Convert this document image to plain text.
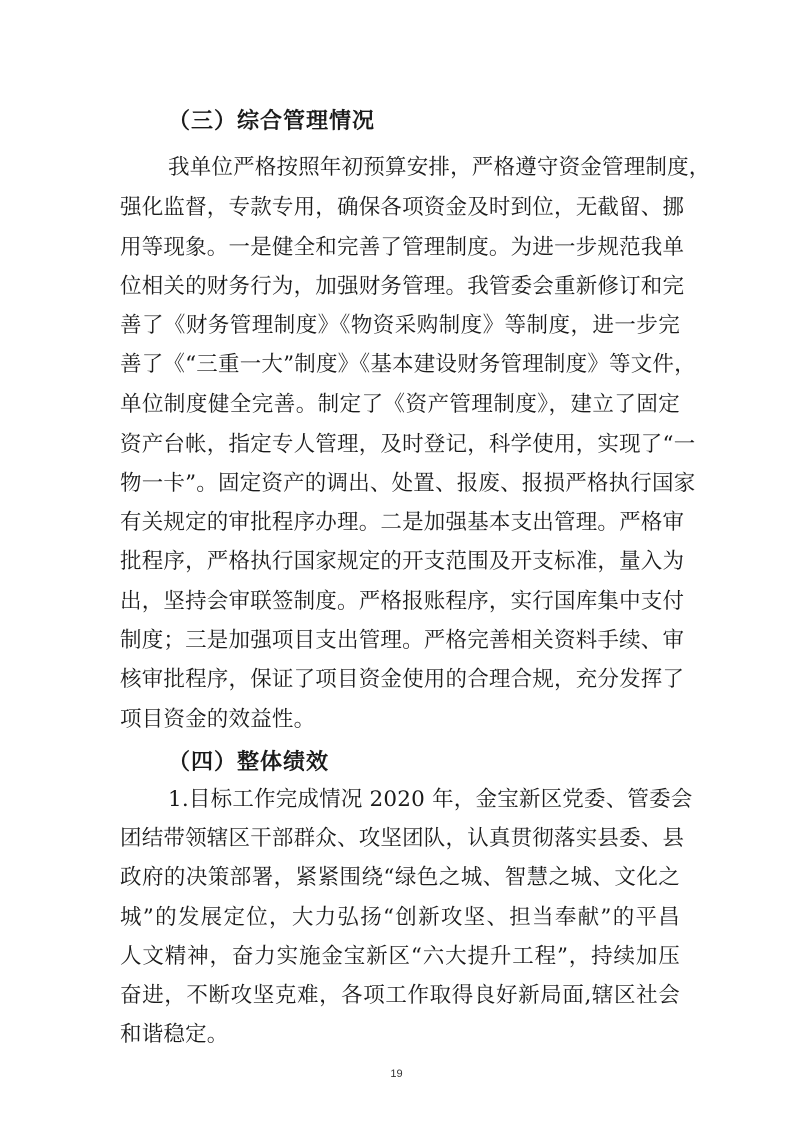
（三）综合管理情况
我单位严格按照年初预算安排，严格遵守资金管理制度，
强化监督，专款专用，确保各项资金及时到位，无截留、挪
用等现象。一是健全和完善了管理制度。为进一步规范我单
位相关的财务行为，加强财务管理。我管委会重新修订和完
善了《财务管理制度》《物资采购制度》等制度，进一步完
善了《“三重一大”制度》《基本建设财务管理制度》等文件，
单位制度健全完善。制定了《资产管理制度》，建立了固定
资产台帐，指定专人管理，及时登记，科学使用，实现了“一
物一卡”。固定资产的调出、处置、报废、报损严格执行国家
有关规定的审批程序办理。二是加强基本支出管理。严格审
批程序，严格执行国家规定的开支范围及开支标准，量入为
出，坚持会审联签制度。严格报账程序，实行国库集中支付
制度；三是加强项目支出管理。严格完善相关资料手续、审
核审批程序，保证了项目资金使用的合理合规，充分发挥了
项目资金的效益性。
（四）整体绩效
1.目标工作完成情况 2020 年，金宝新区党委、管委会
团结带领辖区干部群众、攻坚团队，认真贯彻落实县委、县
政府的决策部署，紧紧围绕“绿色之城、智慧之城、文化之
城”的发展定位，大力弘扬“创新攻坚、担当奉献”的平昌
人文精神，奋力实施金宝新区“六大提升工程”，持续加压
奋进，不断攻坚克难，各项工作取得良好新局面,辖区社会
和谐稳定。
19
